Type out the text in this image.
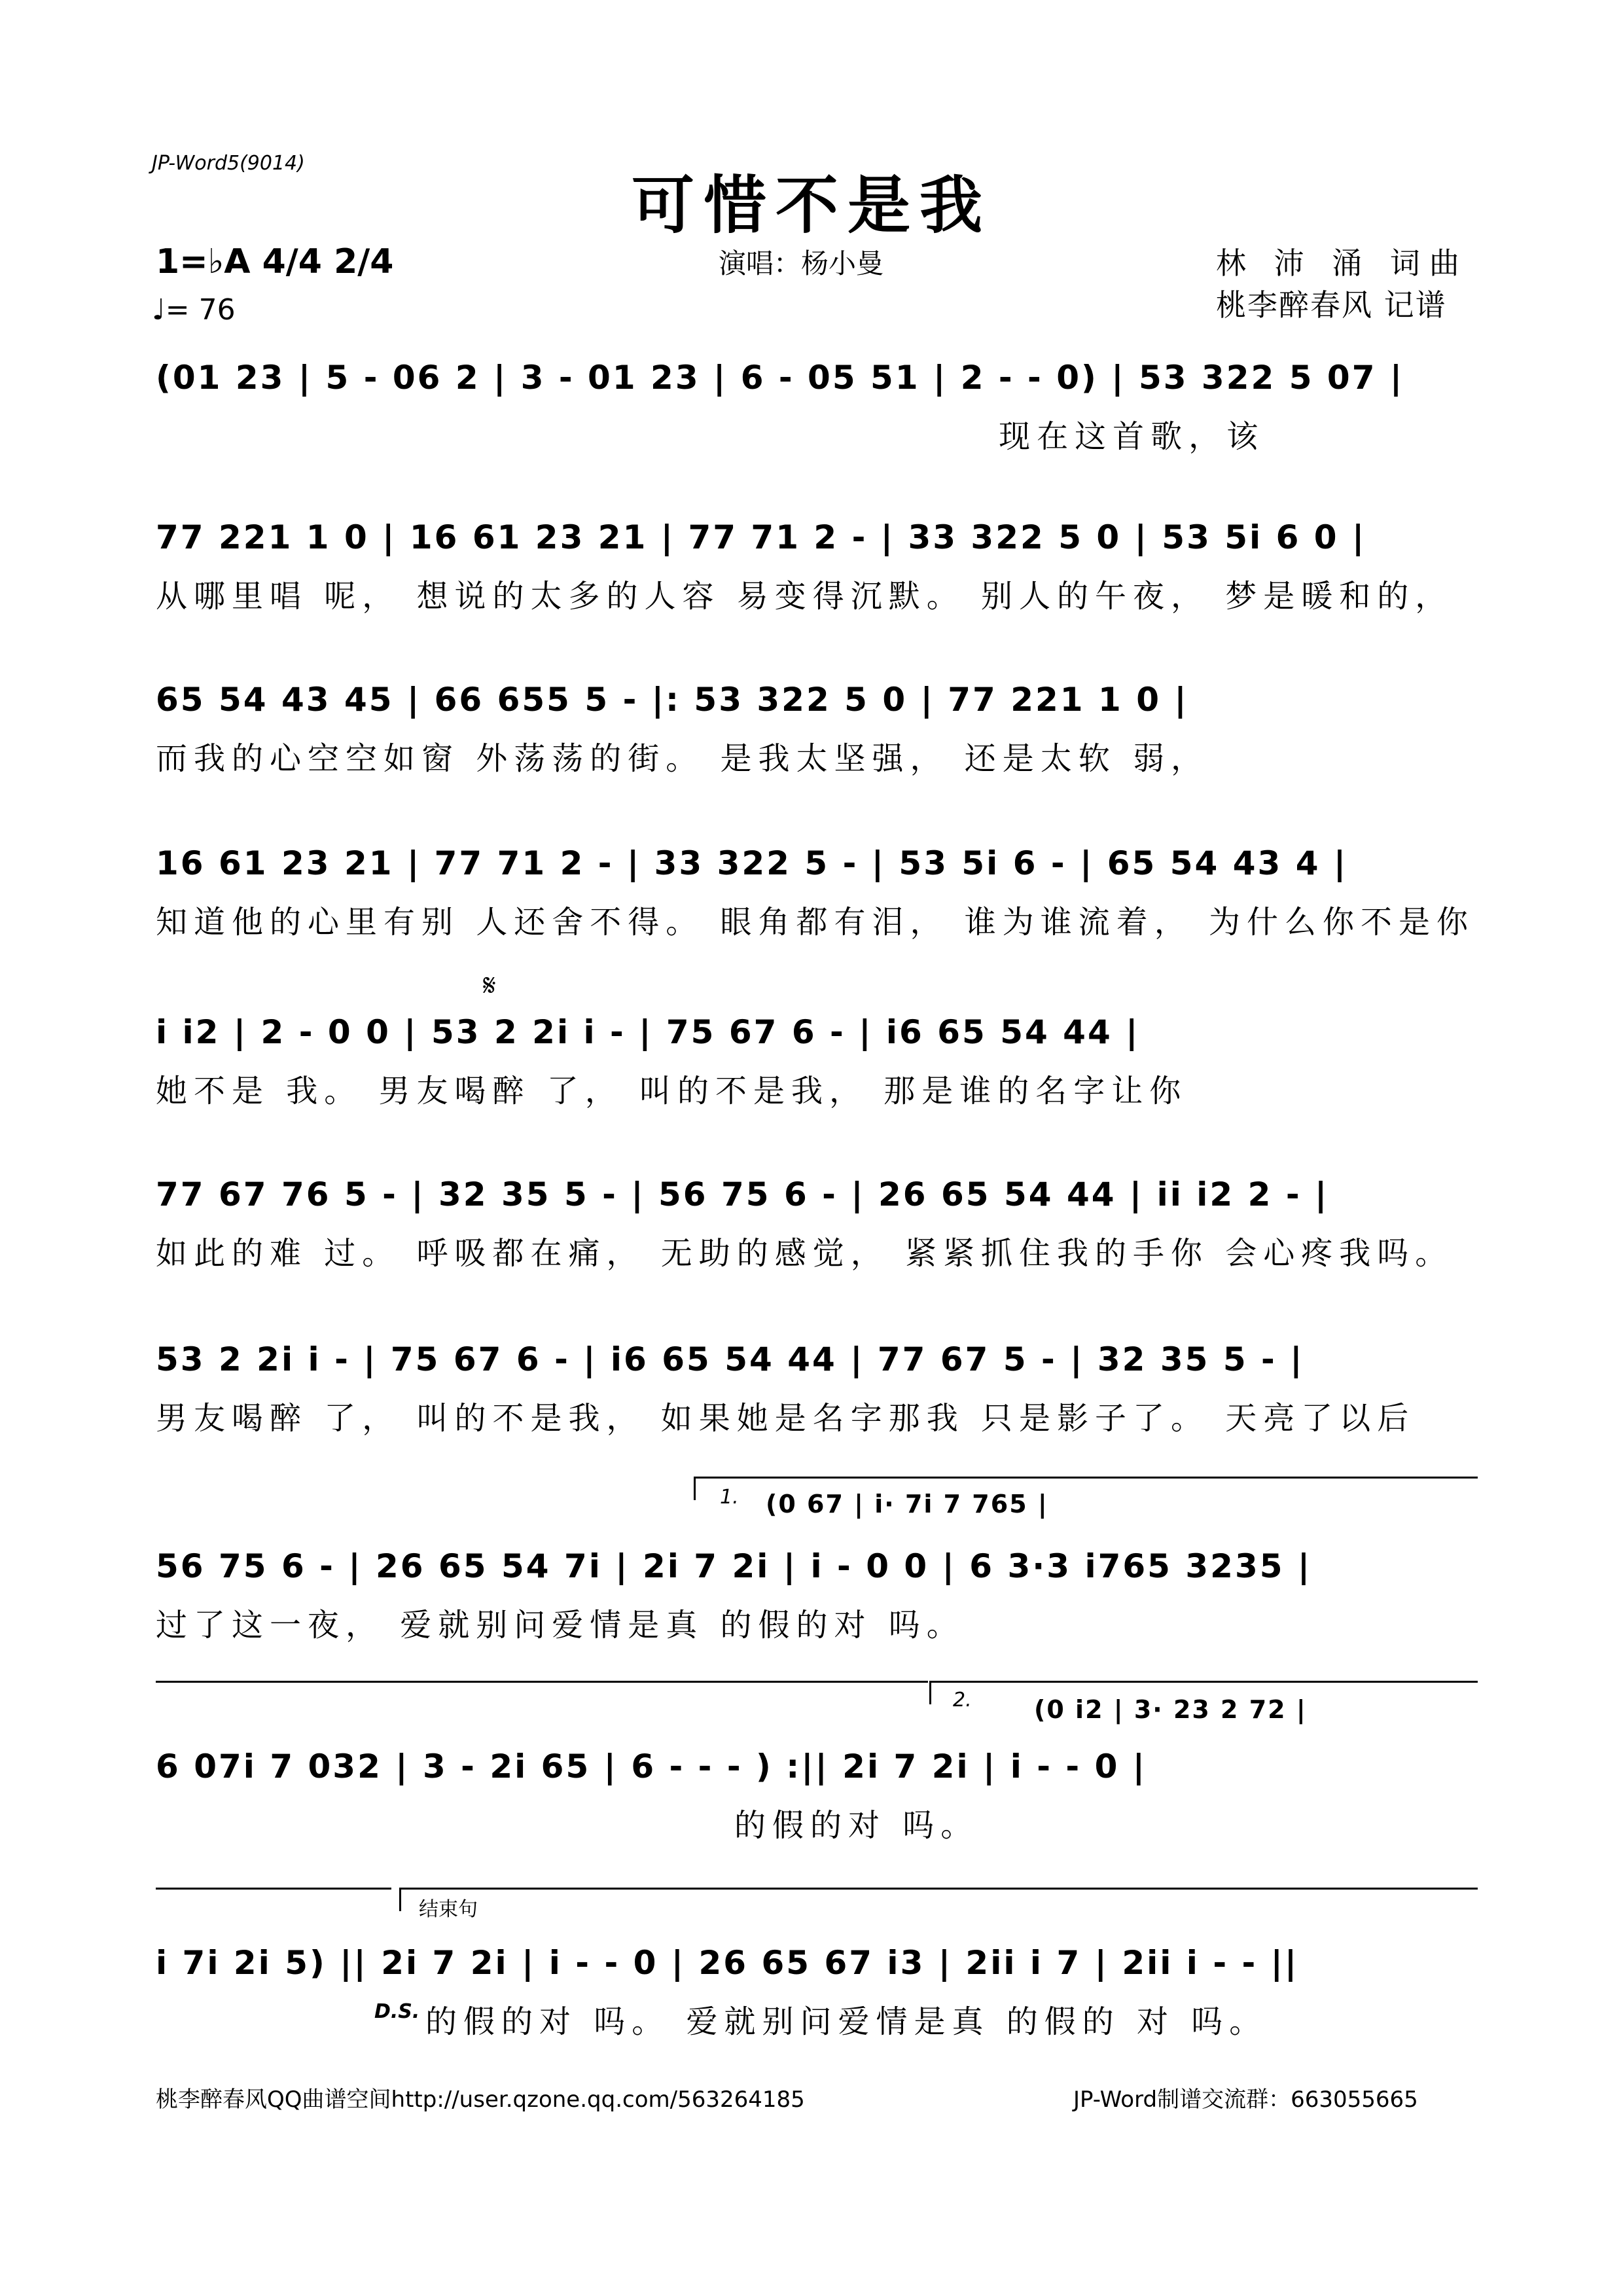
JP-Word5(9014)
可惜不是我
1=♭A 4/4 2/4
♩= 76
演唱：杨小曼	林 沛 涌 词曲
桃李醉春风 记谱
(01 23 | 5 - 06 2 | 3 - 01 23 | 6 - 05 51 | 2 - - 0) | 53 322 5 07 |
现在这首歌，该
77 221 1 0 | 16 61 23 21 | 77 71 2 - | 33 322 5 0 | 53 5i 6 0 |
从哪里唱 呢， 想说的太多的人容 易变得沉默。 别人的午夜， 梦是暖和的，
65 54 43 45 | 66 655 5 - |: 53 322 5 0 | 77 221 1 0 |
而我的心空空如窗 外荡荡的街。 是我太坚强， 还是太软 弱，
16 61 23 21 | 77 71 2 - | 33 322 5 - | 53 5i 6 - | 65 54 43 4 |
知道他的心里有别 人还舍不得。 眼角都有泪， 谁为谁流着， 为什么你不是你
𝄋
i i2 | 2 - 0 0 | 53 2 2i i - | 75 67 6 - | i6 65 54 44 |
她不是 我。 男友喝醉 了， 叫的不是我， 那是谁的名字让你
77 67 76 5 - | 32 35 5 - | 56 75 6 - | 26 65 54 44 | ii i2 2 - |
如此的难 过。 呼吸都在痛， 无助的感觉， 紧紧抓住我的手你 会心疼我吗。
53 2 2i i - | 75 67 6 - | i6 65 54 44 | 77 67 5 - | 32 35 5 - |
男友喝醉 了， 叫的不是我， 如果她是名字那我 只是影子了。 天亮了以后
1. (0 67 | i· 7i 7 765 |
56 75 6 - | 26 65 54 7i | 2i 7 2i | i - 0 0 | 6 3·3 i765 3235 |
过了这一夜， 爱就别问爱情是真 的假的对 吗。
2.	(0 i2 | 3· 23 2 72 |
6 07i 7 032 | 3 - 2i 65 | 6 - - - ) :|| 2i 7 2i | i - - 0 |
的假的对 吗。
结束句
i 7i 2i 5) || 2i 7 2i | i - - 0 | 26 65 67 i3 | 2ii i 7 | 2ii i - - ||
D.S. 的假的对 吗。 爱就别问爱情是真 的假的 对 吗。
桃李醉春风QQ曲谱空间http://user.qzone.qq.com/563264185	JP-Word制谱交流群：663055665
